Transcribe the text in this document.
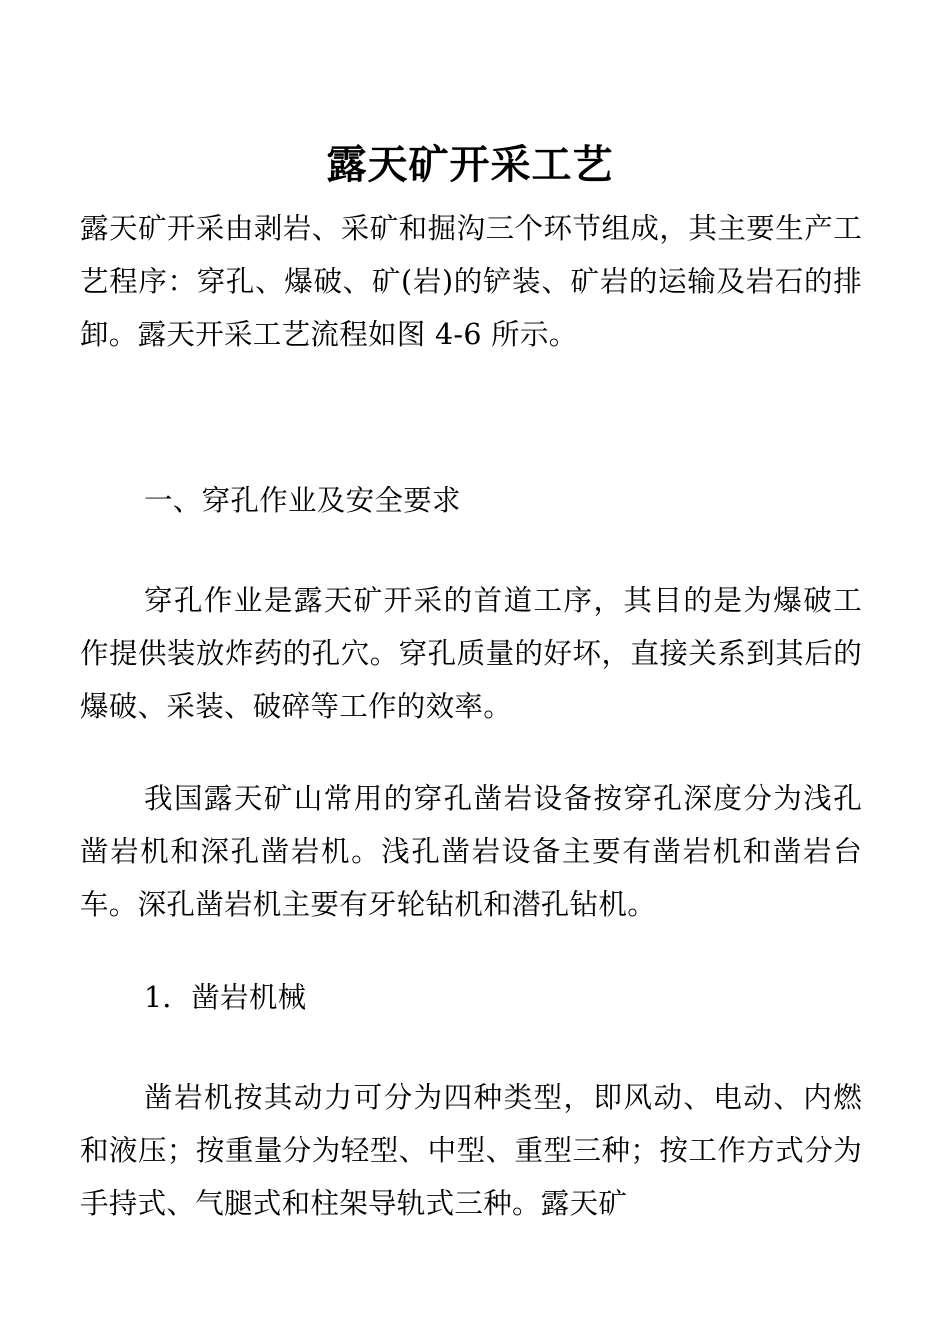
露天矿开采工艺

露天矿开采由剥岩、采矿和掘沟三个环节组成，其主要生产工艺程序：穿孔、爆破、矿(岩)的铲装、矿岩的运输及岩石的排卸。露天开采工艺流程如图 4-6 所示。

一、穿孔作业及安全要求

穿孔作业是露天矿开采的首道工序，其目的是为爆破工作提供装放炸药的孔穴。穿孔质量的好坏，直接关系到其后的爆破、采装、破碎等工作的效率。

我国露天矿山常用的穿孔凿岩设备按穿孔深度分为浅孔凿岩机和深孔凿岩机。浅孔凿岩设备主要有凿岩机和凿岩台车。深孔凿岩机主要有牙轮钻机和潜孔钻机。

1．凿岩机械

凿岩机按其动力可分为四种类型，即风动、电动、内燃和液压；按重量分为轻型、中型、重型三种；按工作方式分为手持式、气腿式和柱架导轨式三种。露天矿
